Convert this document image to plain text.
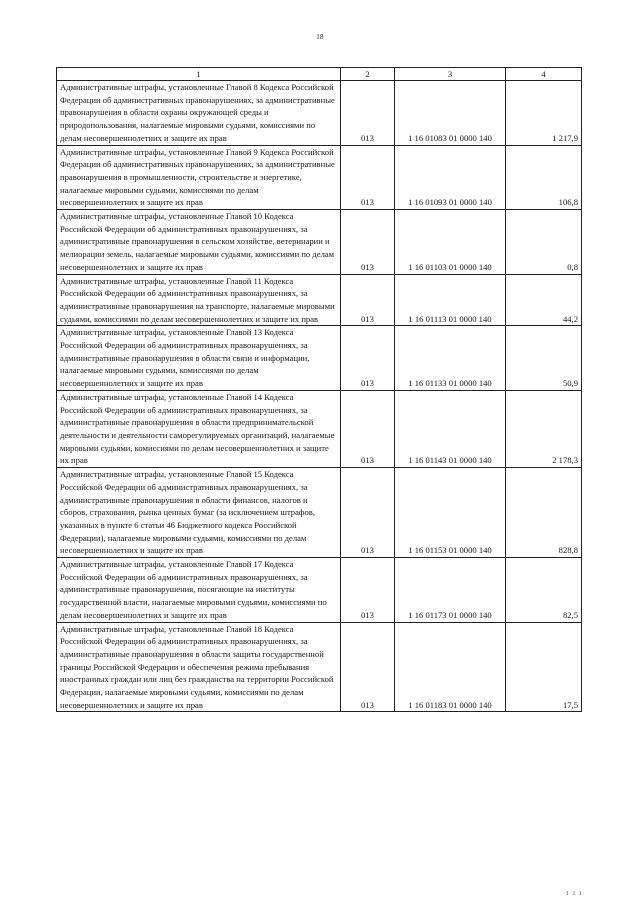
18
1	2	3	4
Административные штрафы, установленные Главой 8 Кодекса Российской Федерации об административных правонарушениях, за административные правонарушения в области охраны окружающей среды и природопользования, налагаемые мировыми судьями, комиссиями по делам несовершеннолетних и защите их прав	013	1 16 01083 01 0000 140	1 217,9
Административные штрафы, установленные Главой 9 Кодекса Российской Федерации об административных правонарушениях, за административные правонарушения в промышленности, строительстве и энергетике, налагаемые мировыми судьями, комиссиями по делам несовершеннолетних и защите их прав	013	1 16 01093 01 0000 140	106,8
Административные штрафы, установленные Главой 10 Кодекса Российской Федерации об административных правонарушениях, за административные правонарушения в сельском хозяйстве, ветеринарии и мелиорации земель, налагаемые мировыми судьями, комиссиями по делам несовершеннолетних и защите их прав	013	1 16 01103 01 0000 140	0,8
Административные штрафы, установленные Главой 11 Кодекса Российской Федерации об административных правонарушениях, за административные правонарушения на транспорте, налагаемые мировыми судьями, комиссиями по делам несовершеннолетних и защите их прав	013	1 16 01113 01 0000 140	44,2
Административные штрафы, установленные Главой 13 Кодекса Российской Федерации об административных правонарушениях, за административные правонарушения в области связи и информации, налагаемые мировыми судьями, комиссиями по делам несовершеннолетних и защите их прав	013	1 16 01133 01 0000 140	50,9
Административные штрафы, установленные Главой 14 Кодекса Российской Федерации об административных правонарушениях, за административные правонарушения в области предпринимательской деятельности и деятельности саморегулируемых организаций, налагаемые мировыми судьями, комиссиями по делам несовершеннолетних и защите их прав	013	1 16 01143 01 0000 140	2 178,3
Административные штрафы, установленные Главой 15 Кодекса Российской Федерации об административных правонарушениях, за административные правонарушения в области финансов, налогов и сборов, страхования, рынка ценных бумаг (за исключением штрафов, указанных в пункте 6 статьи 46 Бюджетного кодекса Российской Федерации), налагаемые мировыми судьями, комиссиями по делам несовершеннолетних и защите их прав	013	1 16 01153 01 0000 140	828,8
Административные штрафы, установленные Главой 17 Кодекса Российской Федерации об административных правонарушениях, за административные правонарушения, посягающие на институты государственной власти, налагаемые мировыми судьями, комиссиями по делам несовершеннолетних и защите их прав	013	1 16 01173 01 0000 140	82,5
Административные штрафы, установленные Главой 18 Кодекса Российской Федерации об административных правонарушениях, за административные правонарушения в области защиты государственной границы Российской Федерации и обеспечения режима пребывания иностранных граждан или лиц без гражданства на территории Российской Федерации, налагаемые мировыми судьями, комиссиями по делам несовершеннолетних и защите их прав	013	1 16 01183 01 0000 140	17,5
1 1 1
